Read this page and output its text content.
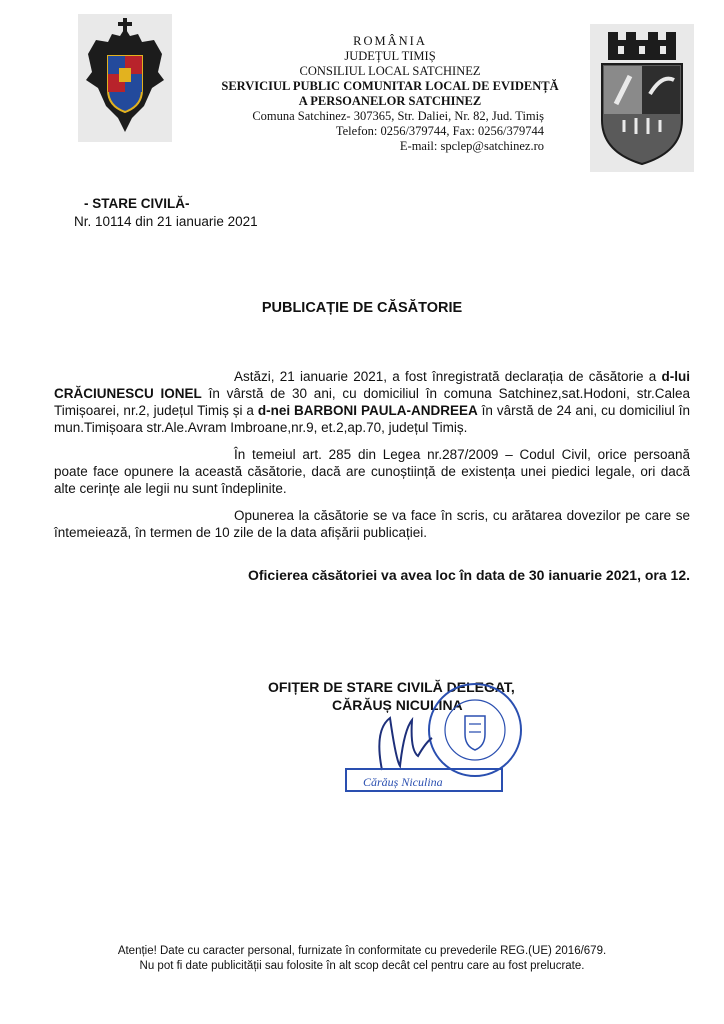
ROMÂNIA
JUDEȚUL TIMIȘ
CONSILIUL LOCAL SATCHINEZ
SERVICIUL PUBLIC COMUNITAR LOCAL DE EVIDENȚĂ
A PERSOANELOR SATCHINEZ
Comuna Satchinez- 307365, Str. Daliei, Nr. 82, Jud. Timiș
Telefon: 0256/379744, Fax: 0256/379744
E-mail: spclep@satchinez.ro
- STARE CIVILĂ-
Nr. 10114 din 21 ianuarie 2021
PUBLICAȚIE DE CĂSĂTORIE

Astăzi, 21 ianuarie 2021, a fost înregistrată declarația de căsătorie a d-lui CRĂCIUNESCU IONEL în vârstă de 30 ani, cu domiciliul în comuna Satchinez,sat.Hodoni, str.Calea Timișoarei, nr.2, județul Timiș și a d-nei BARBONI PAULA-ANDREEA în vârstă de 24 ani, cu domiciliul în mun.Timișoara str.Ale.Avram Imbroane,nr.9, et.2,ap.70, județul Timiș.

În temeiul art. 285 din Legea nr.287/2009 – Codul Civil, orice persoană poate face opunere la această căsătorie, dacă are cunoștiință de existența unei piedici legale, ori dacă alte cerințe ale legii nu sunt îndeplinite.

Opunerea la căsătorie se va face în scris, cu arătarea dovezilor pe care se întemeiează, în termen de 10 zile de la data afișării publicației.

Oficierea căsătoriei va avea loc în data de 30 ianuarie 2021, ora 12.
OFIȚER DE STARE CIVILĂ DELEGAT,
CĂRĂUȘ NICULINA
Cărăuș Niculina
Atenție! Date cu caracter personal, furnizate în conformitate cu prevederile REG.(UE) 2016/679.
Nu pot fi date publicității sau folosite în alt scop decât cel pentru care au fost prelucrate.
